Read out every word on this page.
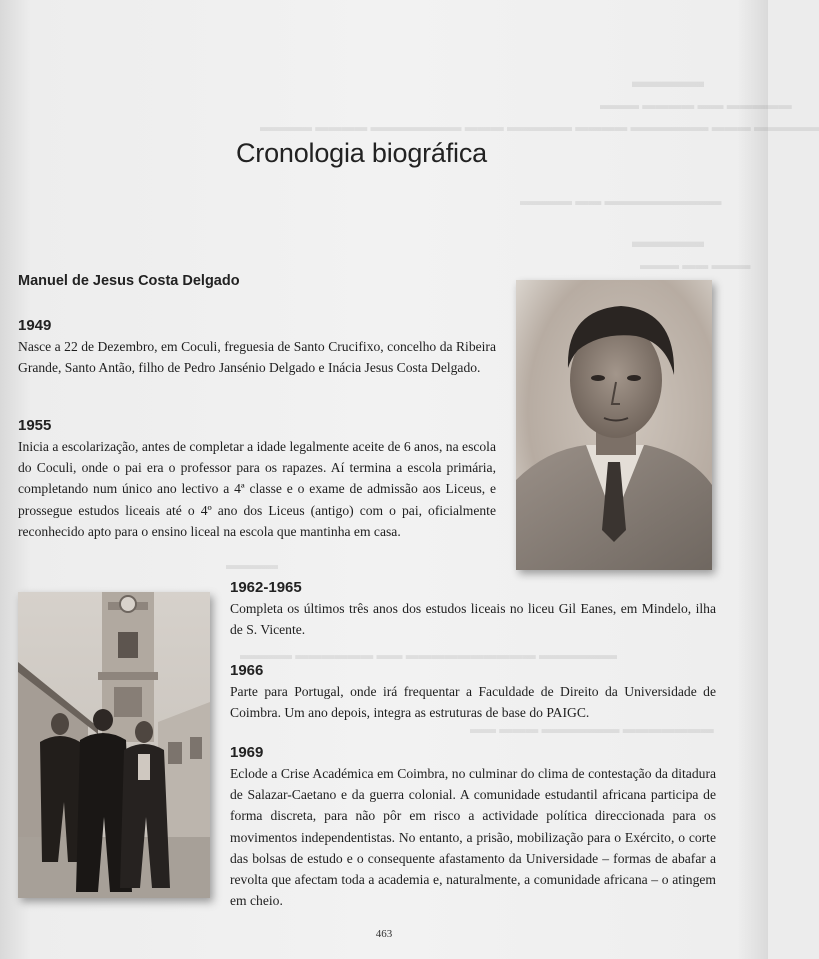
▬▬▬▬
▬▬▬ ▬▬▬▬ ▬▬ ▬▬▬▬▬
▬▬▬▬ ▬▬▬▬ ▬▬▬▬▬▬▬ ▬▬▬ ▬▬▬▬▬ ▬▬▬▬ ▬▬▬▬▬▬ ▬▬▬ ▬▬▬▬▬
▬▬▬▬ ▬▬ ▬▬▬▬▬▬▬▬▬
▬▬▬▬
▬▬▬ ▬▬ ▬▬▬
▬▬▬▬
▬▬▬▬ ▬▬▬▬▬▬ ▬▬ ▬▬▬▬▬▬▬▬▬▬ ▬▬▬▬▬▬
▬▬ ▬▬▬ ▬▬▬▬▬▬ ▬▬▬▬▬▬▬
Cronologia biográfica
Manuel de Jesus Costa Delgado
1949

Nasce a 22 de Dezembro, em Coculi, freguesia de Santo Crucifixo, concelho da Ribeira Grande, Santo Antão, filho de Pedro Jansénio Delgado e Inácia Jesus Costa Delgado.

1955

Inicia a escolarização, antes de completar a idade legalmente aceite de 6 anos, na escola do Coculi, onde o pai era o professor para os rapazes. Aí termina a escola primária, completando num único ano lectivo a 4ª classe e o exame de admissão aos Liceus, e prossegue estudos liceais até o 4º ano dos Liceus (antigo) com o pai, oficialmente reconhecido apto para o ensino liceal na escola que mantinha em casa.

1962-1965

Completa os últimos três anos dos estudos liceais no liceu Gil Eanes, em Mindelo, ilha de S. Vicente.

1966

Parte para Portugal, onde irá frequentar a Faculdade de Direito da Universidade de Coimbra. Um ano depois, integra as estruturas de base do PAIGC.

1969

Eclode a Crise Académica em Coimbra, no culminar do clima de contestação da ditadura de Salazar-Caetano e da guerra colonial. A comunidade estudantil africana participa de forma discreta, para não pôr em risco a actividade política direccionada para os movimentos independentistas. No entanto, a prisão, mobilização para o Exército, o corte das bolsas de estudo e o consequente afastamento da Universidade – formas de abafar a revolta que afectam toda a academia e, naturalmente, a comunidade africana – o atingem em cheio.

463
